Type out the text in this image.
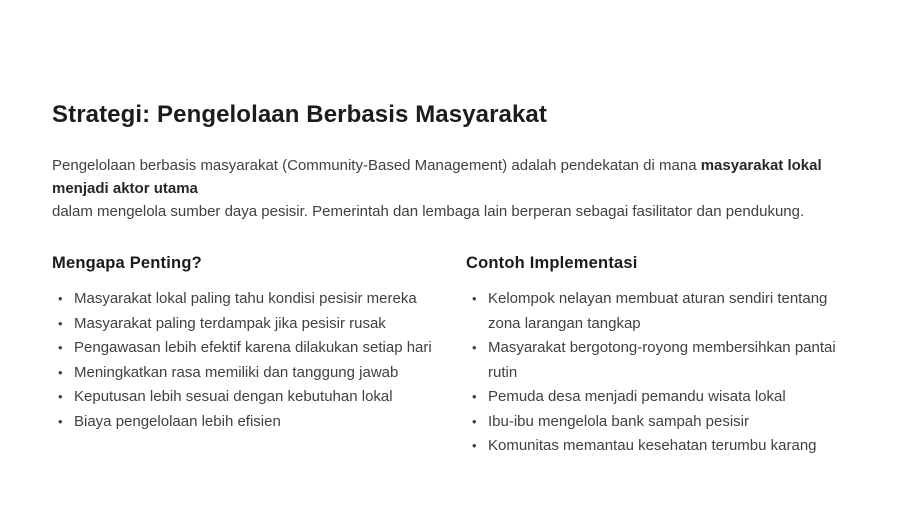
Strategi: Pengelolaan Berbasis Masyarakat

Pengelolaan berbasis masyarakat (Community-Based Management) adalah pendekatan di mana masyarakat lokal menjadi aktor utama
dalam mengelola sumber daya pesisir. Pemerintah dan lembaga lain berperan sebagai fasilitator dan pendukung.

Mengapa Penting?
• Masyarakat lokal paling tahu kondisi pesisir mereka
• Masyarakat paling terdampak jika pesisir rusak
• Pengawasan lebih efektif karena dilakukan setiap hari
• Meningkatkan rasa memiliki dan tanggung jawab
• Keputusan lebih sesuai dengan kebutuhan lokal
• Biaya pengelolaan lebih efisien
Contoh Implementasi
• Kelompok nelayan membuat aturan sendiri tentang zona larangan tangkap
• Masyarakat bergotong-royong membersihkan pantai rutin
• Pemuda desa menjadi pemandu wisata lokal
• Ibu-ibu mengelola bank sampah pesisir
• Komunitas memantau kesehatan terumbu karang
